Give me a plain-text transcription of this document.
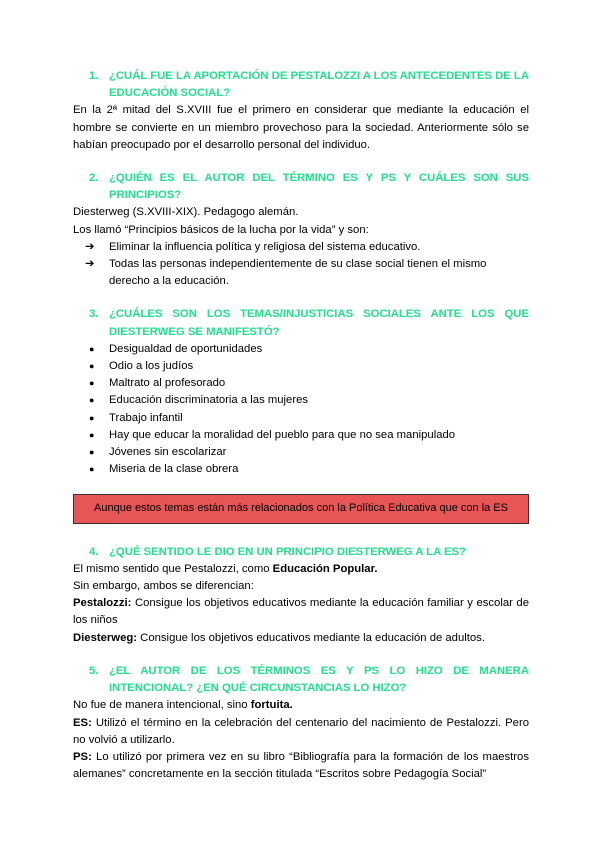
1. ¿CUÁL FUE LA APORTACIÓN DE PESTALOZZI A LOS ANTECEDENTES DE LA EDUCACIÓN SOCIAL?

En la 2ª mitad del S.XVIII fue el primero en considerar que mediante la educación el hombre se convierte en un miembro provechoso para la sociedad. Anteriormente sólo se habían preocupado por el desarrollo personal del individuo.

2. ¿QUIÉN ES EL AUTOR DEL TÉRMINO ES Y PS Y CUÁLES SON SUS PRINCIPIOS?

Diesterweg (S.XVIII-XIX). Pedagogo alemán.

Los llamó “Principios básicos de la lucha por la vida” y son:

➔	Eliminar la influencia política y religiosa del sistema educativo.
➔	Todas las personas independientemente de su clase social tienen el mismo derecho a la educación.
3. ¿CUÁLES SON LOS TEMAS/INJUSTICIAS SOCIALES ANTE LOS QUE DIESTERWEG SE MANIFESTÓ?
●	Desigualdad de oportunidades
●	Odio a los judíos
●	Maltrato al profesorado
●	Educación discriminatoria a las mujeres
●	Trabajo infantil
●	Hay que educar la moralidad del pueblo para que no sea manipulado
●	Jóvenes sin escolarizar
●	Miseria de la clase obrera
Aunque estos temas están más relacionados con la Política Educativa que con la ES
4. ¿QUÉ SENTIDO LE DIO EN UN PRINCIPIO DIESTERWEG A LA ES?

El mismo sentido que Pestalozzi, como Educación Popular.

Sin embargo, ambos se diferencian:

Pestalozzi: Consigue los objetivos educativos mediante la educación familiar y escolar de los niños

Diesterweg: Consigue los objetivos educativos mediante la educación de adultos.

5. ¿EL AUTOR DE LOS TÉRMINOS ES Y PS LO HIZO DE MANERA INTENCIONAL? ¿EN QUÉ CIRCUNSTANCIAS LO HIZO?

No fue de manera intencional, sino fortuita.

ES: Utilizó el término en la celebración del centenario del nacimiento de Pestalozzi. Pero no volvió a utilizarlo.

PS: Lo utilizó por primera vez en su libro “Bibliografía para la formación de los maestros alemanes” concretamente en la sección titulada “Escritos sobre Pedagogía Social”
